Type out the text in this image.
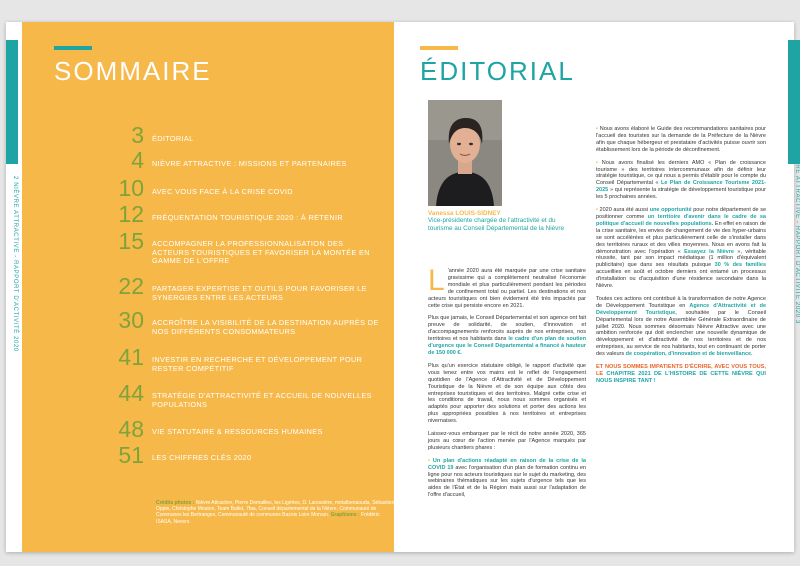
2 NIÈVRE ATTRACTIVE - RAPPORT D'ACTIVITÉ 2020
SOMMAIRE
3 ÉDITORIAL
4 NIÈVRE ATTRACTIVE : MISSIONS ET PARTENAIRES
10 AVEC VOUS FACE À LA CRISE COVID
12 FRÉQUENTATION TOURISTIQUE 2020 : À RETENIR
15 ACCOMPAGNER LA PROFESSIONNALISATION DES ACTEURS TOURISTIQUES ET FAVORISER LA MONTÉE EN GAMME DE L'OFFRE
22 PARTAGER EXPERTISE ET OUTILS POUR FAVORISER LE SYNERGIES ENTRE LES ACTEURS
30 ACCROÎTRE LA VISIBILITÉ DE LA DESTINATION AUPRÈS DE NOS DIFFÉRENTS CONSOMMATEURS
41 INVESTIR EN RECHERCHE ET DÉVELOPPEMENT POUR RESTER COMPÉTITIF
44 STRATÉGIE D'ATTRACTIVITÉ ET ACCUEIL DE NOUVELLES POPULATIONS
48 VIE STATUTAIRE & RESSOURCES HUMAINES
51 LES CHIFFRES CLÉS 2020
Crédits photos : Nièvre Attractive, Pierre Demailles, les Ligéries, D. Larossière, metalbenaouda, Sébastien Oppin, Christophe Mouton, Team Ballet, 7faa, Conseil départemental de la Nièvre, Communauté de Communes les Bertranges, Communauté de communes Bazois Loire Morvan. Graphisme : Frédéric ISASA, Nevers
NIÈVRE ATTRACTIVE - RAPPORT D'ACTIVITÉ 2020 3
ÉDITORIAL
Vanessa LOUIS-SIDNEY
Vice-présidente chargée de l'attractivité et du tourisme au Conseil Départemental de la Nièvre

L 'année 2020 aura été marquée par une crise sanitaire gravissime qui a complètement neutralisé l'économie mondiale et plus particulièrement pendant les périodes de confinement total ou partiel. Les destinations et nos acteurs touristiques ont bien évidement été très impactés par cette crise qui persiste encore en 2021.

Plus que jamais, le Conseil Départemental et son agence ont fait preuve de solidarité, de soutien, d'innovation et d'accompagnements renforcés auprès de nos entreprises, nos territoires et nos habitants dans le cadre d'un plan de soutien d'urgence que le Conseil Départemental a financé à hauteur de 150 000 €.

Plus qu'un exercice statutaire obligé, le rapport d'activité que vous tenez entre vos mains est le reflet de l'engagement quotidien de l'Agence d'Attractivité et de Développement Touristique de la Nièvre et de son équipe aux côtés des entreprises touristiques et des territoires. Malgré cette crise et les conditions de travail, nous nous sommes organisés et adaptés pour apporter des solutions et porter des actions les plus appropriées possibles à nos territoires et entreprises nivernaises.

Laissez-vous embarquer par le récit de notre année 2020, 365 jours au cœur de l'action menée par l'Agence marqués par plusieurs chantiers phares :

• Un plan d'actions réadapté en raison de la crise de la COVID 19 avec l'organisation d'un plan de formation continu en ligne pour nos acteurs touristiques sur le sujet du marketing, des webinaires thématiques sur les sujets d'urgence tels que les aides de l'État et de la Région mais aussi sur l'adaptation de l'offre d'accueil,

• Nous avons élaboré le Guide des recommandations sanitaires pour l'accueil des touristes sur la demande de la Préfecture de la Nièvre afin que chaque hébergeur et prestataire d'activités puisse ouvrir son établissement lors de la période de déconfinement.

• Nous avons finalisé les derniers AMO « Plan de croissance tourisme » des territoires intercommunaux afin de définir leur stratégie touristique, ce qui nous a permis d'établir pour le compte du Conseil Départemental « Le Plan de Croissance Tourisme 2021-2025 » qui représente la stratégie de développement touristique pour les 5 prochaines années.

• 2020 aura été aussi une opportunité pour notre département de se positionner comme un territoire d'avenir dans le cadre de sa politique d'accueil de nouvelles populations. En effet en raison de la crise sanitaire, les envies de changement de vie des hyper-urbains se sont accélérées et plus particulièrement celle de s'installer dans des territoires ruraux et des villes moyennes. Nous en avons fait la démonstration avec l'opération « Essayez la Nièvre », véritable réussite, tant par son impact médiatique (1 million d'équivalent publicitaire) que dans ses résultats puisque 30 % des familles accueillies en août et octobre derniers ont entamé un processus d'installation ou d'acquisition d'une résidence secondaire dans la Nièvre.

Toutes ces actions ont contribué à la transformation de notre Agence de Développement Touristique en Agence d'Attractivité et de Développement Touristique, souhaitée par le Conseil Départemental lors de notre Assemblée Générale Extraordinaire de juillet 2020. Nous sommes désormais Nièvre Attractive avec une ambition renforcée qui doit enclencher une nouvelle dynamique de développement et d'attractivité de nos territoires et de nos entreprises, au service de nos habitants, tout en continuant de porter des valeurs de coopération, d'innovation et de bienveillance.

ET NOUS SOMMES IMPATIENTS D'ÉCRIRE, AVEC VOUS TOUS, LE CHAPITRE 2021 DE L'HISTOIRE DE CETTE NIÈVRE QUI NOUS INSPIRE TANT !
